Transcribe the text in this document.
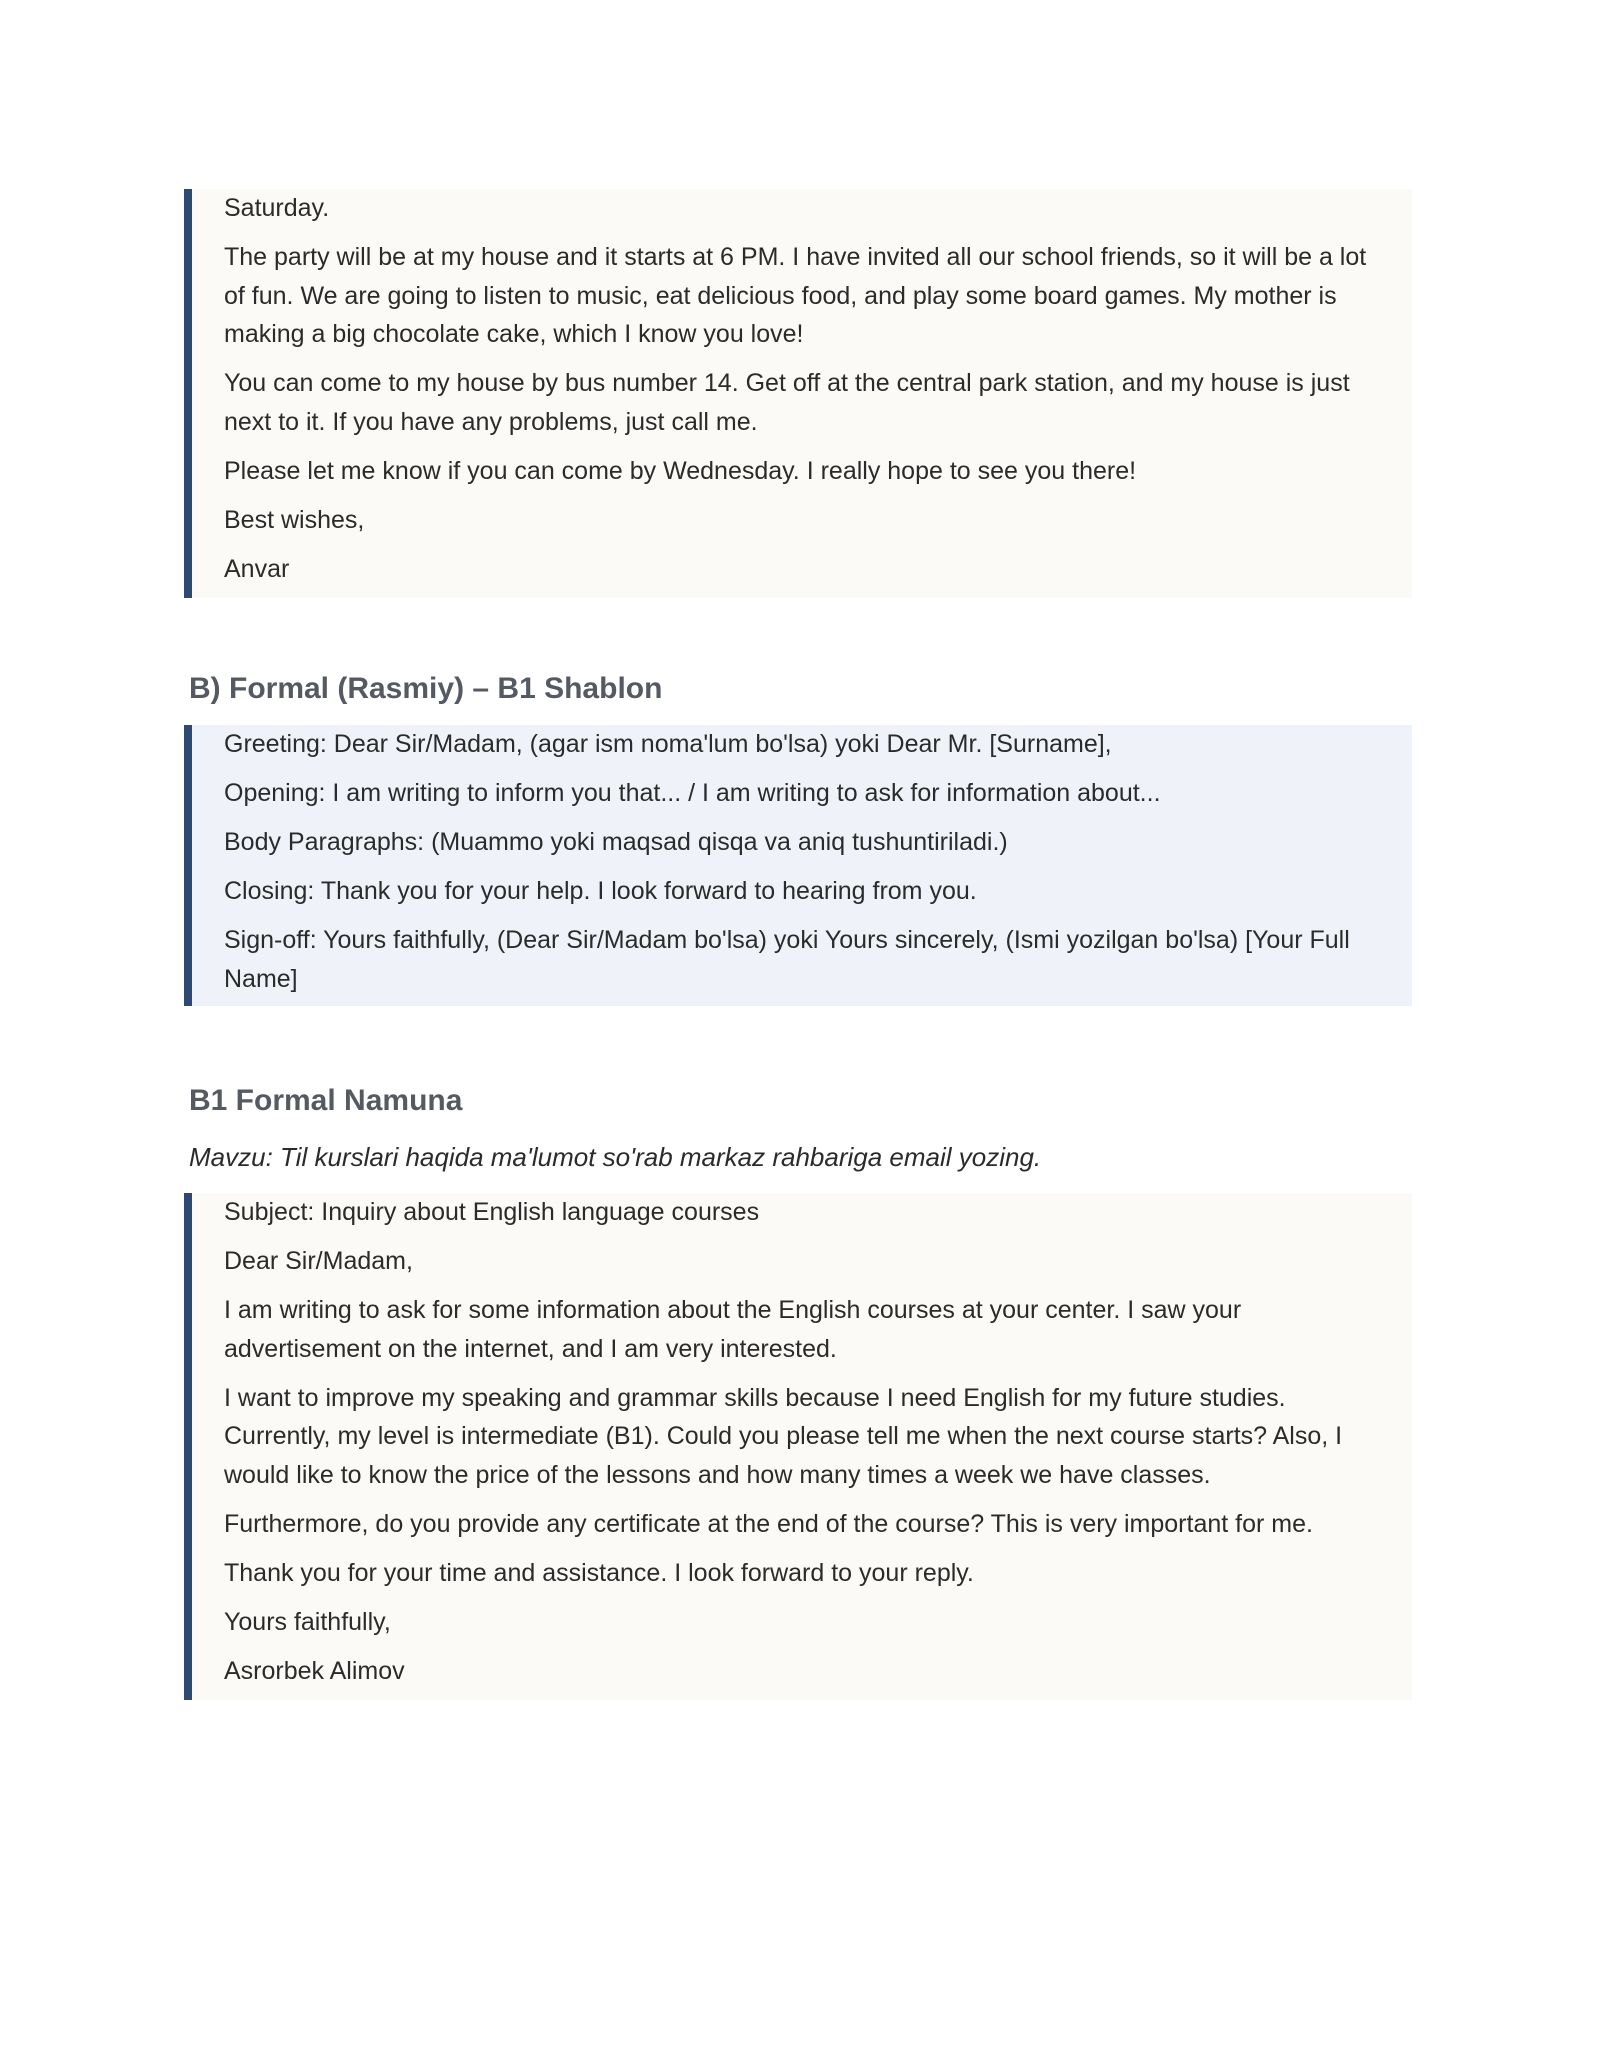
Saturday.

The party will be at my house and it starts at 6 PM. I have invited all our school friends, so it will be a lot of fun. We are going to listen to music, eat delicious food, and play some board games. My mother is making a big chocolate cake, which I know you love!

You can come to my house by bus number 14. Get off at the central park station, and my house is just next to it. If you have any problems, just call me.

Please let me know if you can come by Wednesday. I really hope to see you there!

Best wishes,

Anvar

B) Formal (Rasmiy) – B1 Shablon

Greeting: Dear Sir/Madam, (agar ism noma'lum bo'lsa) yoki Dear Mr. [Surname],

Opening: I am writing to inform you that... / I am writing to ask for information about...

Body Paragraphs: (Muammo yoki maqsad qisqa va aniq tushuntiriladi.)

Closing: Thank you for your help. I look forward to hearing from you.

Sign-off: Yours faithfully, (Dear Sir/Madam bo'lsa) yoki Yours sincerely, (Ismi yozilgan bo'lsa) [Your Full Name]

B1 Formal Namuna

Mavzu: Til kurslari haqida ma'lumot so'rab markaz rahbariga email yozing.

Subject: Inquiry about English language courses

Dear Sir/Madam,

I am writing to ask for some information about the English courses at your center. I saw your advertisement on the internet, and I am very interested.

I want to improve my speaking and grammar skills because I need English for my future studies. Currently, my level is intermediate (B1). Could you please tell me when the next course starts? Also, I would like to know the price of the lessons and how many times a week we have classes.

Furthermore, do you provide any certificate at the end of the course? This is very important for me.

Thank you for your time and assistance. I look forward to your reply.

Yours faithfully,

Asrorbek Alimov
